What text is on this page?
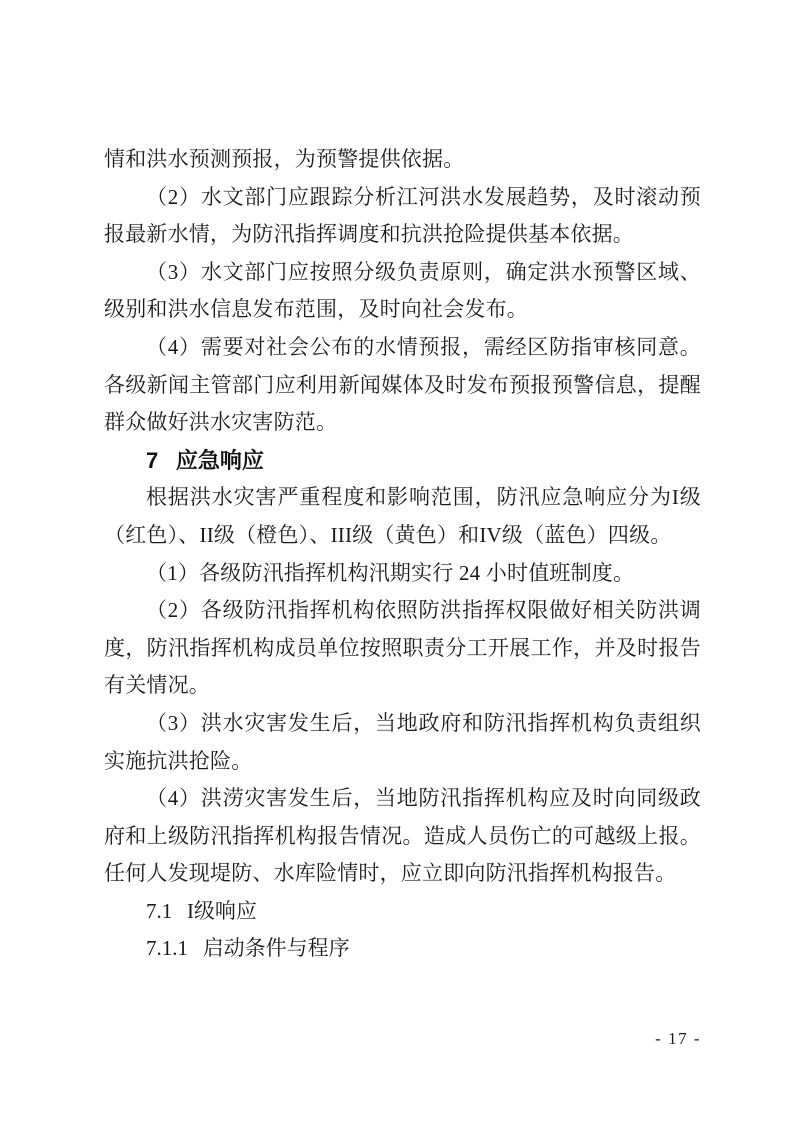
情和洪水预测预报，为预警提供依据。

（2）水文部门应跟踪分析江河洪水发展趋势，及时滚动预报最新水情，为防汛指挥调度和抗洪抢险提供基本依据。

（3）水文部门应按照分级负责原则，确定洪水预警区域、级别和洪水信息发布范围，及时向社会发布。

（4）需要对社会公布的水情预报，需经区防指审核同意。各级新闻主管部门应利用新闻媒体及时发布预报预警信息，提醒群众做好洪水灾害防范。

7 应急响应

根据洪水灾害严重程度和影响范围，防汛应急响应分为I级（红色）、II级（橙色）、III级（黄色）和IV级（蓝色）四级。

（1）各级防汛指挥机构汛期实行 24 小时值班制度。

（2）各级防汛指挥机构依照防洪指挥权限做好相关防洪调度，防汛指挥机构成员单位按照职责分工开展工作，并及时报告有关情况。

（3）洪水灾害发生后，当地政府和防汛指挥机构负责组织实施抗洪抢险。

（4）洪涝灾害发生后，当地防汛指挥机构应及时向同级政府和上级防汛指挥机构报告情况。造成人员伤亡的可越级上报。任何人发现堤防、水库险情时，应立即向防汛指挥机构报告。

7.1 I级响应
7.1.1 启动条件与程序
- 17 -
